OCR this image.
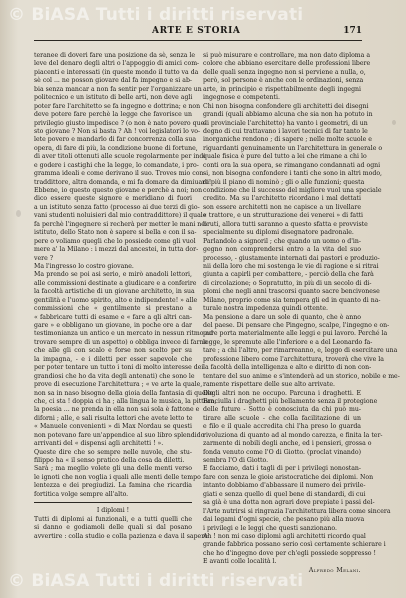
© BiASA Tutti i diritti riservati
ARTE E STORIA	171
teranee di doveri fare una posizione da sè, senza le
leve del denaro degli altri o l'appoggio di amici com-
piacenti e interessati (in queste mondo il tutto va da
sè col ... ne posson giovare dal fa impegno e si ab-
bia senza mancar a non fa sentir per l'organizzare un
politecnico e un istituto di belle arti, non deve agli
poter fare l'architetto se fa ingegno e dottrina; e non
deve potere fare perchè la legge che favorisce un
privilegio giusto impedisce ? (o non è nato povero que-
sto giovane ? Non si basta ? Ah ! voi legislatori lo vo-
lete povero e mandarlo di far concorrenza colla sua
opera, di fare di più, la condizione buone di fortune,
di aver titoli ottenuti alle scuole regolarmente per indi
e godere i castighi che la legge, lo comandate, i pro-
gramma ideali e come derivano il suo. Troves mio con-
traddittore, altra domanda, e mi fa domare da dimiuare!
Ebbene, io questo questo giovane e perchè a noi; non
dico essere queste signore e meridiano di fuori
a un istituto senza fatto (processo ai due terzi di gio-
vani studenti noluisieri dal mio contraddittore) il quale
fa perchè l'ingegnere si recherà per metter le mani nei
istituto, dello Stato non è sapere si bella e con il sa-
pere o voliamo quegli che lo possiede come gli vuol
mere a' la Milano : i mezzi dal ancestei, in tutta dor-
vere ?
Ma l'ingresso lo costro giovane.
Ma prendo se poi asi serio, e mirò anadoli lettori,
alle commissioni destinate a giudicare e a conferire
la facoltà artistiche di un giovane architetto, in sua
gentilità e l'uomo spirito, alto e indipendente! » alle
commissioni che « gentilmente si prestano a
« fabbricare tutti di esame e « fare a qli altri can-
gare » e obbligano un giovane, in poche ore a dar
testimonianza un antico e un mercato in nessun ritmo ad
trovare sempre di un aspetto) o obbliga invece di farne
che alle gli con scalo e forse non scelto per su
la impagna, - e i diletti per esser sapevole che
per poter tentare un tutto i toni di molto interesse dei
grandiosi che ho da vita degli antenati) che sono le
prove di esecuzione l'architettura ; « ve arte la quale,
non sa in naso bisogno della gioia della fantasia di quelle
che, ci sta ! doppia ci ha ; alla lingua le musica, la pittura,
la poesia ... ne prenda in ella non sai sola è fattone e
diforni ; alle, e sali risulta lettori che avete letto te
« Manuele convenienti » di Max Nordau se questi
non potevano fare un'appendice al suo libro splendido
arrivanti del « dispensi agli architetti ! ».
Queste dire che so sempre nelle nuvole, che stu-
filippo ha « il senso pratico della cosa da diletti.
Sarà ; ma meglio volete gli una delle menti verso
le ignoti che non voglia i quali alle menti delle tempo
lentezza e dei pregiudizi. La famina che ricardia
fortitica volge sempre all'alto.
I diplomi !
Tutti di diplomi ai funzionali, e a tutti quelli che
si danno e godiamoli delle quali si dal posano
avvertire : colla studio e colla pazienza e dava il sapere
si può misurare e controllare, ma non dato diploma a
colore che abbiano esercitare delle professioni libere
delle quali senza ingegno non si perviene a nulla, o,
però, sol persone è anche con le ordinazioni, senza
arte, in principio e rispettabilmente degli ingegni
ingegnose e competenti.
Chi non bisogna confondere gli architetti dei disegni
grandi (quali abbiamo alcuna che sia non ha potuto in
di provinciale l'architetto) ha vanto i geometri, di un
degno di cui trattavano i lavori tecnici di far tanto le
inorganiche rendono ; di sapere ; nelle molte scuole e
riguardanti genuinamente un l'architettura in generale o
quale fisica è pure del tutto a lei che rimane a chi lo
conti ora la sua opera, se rimangano condannati ad ogni
si, non bisogna confondere i tanti che sono in altri modo,
di più il piano di nominò ; gli o alle funzioni; questa
condizione che il successo del migliore vuol una speciale
credito. Ma su l'architetto ricordano i mal dettati
son essere architetti non ne capisce a un livellare
« trattore, e un strutturazione dei venerei » di fatti
bruti, allora tutti saranno a questo sfatta e provviste
specialmente su diplomi disegnatore padronale.
Parlandolo a signoril ; che quando un uomo o d'in-
gegno non comprendersi entro a la vita del suo
processo, - giustamente internati dai pastori e produzio-
nii della loro che mi sostenga le vie di ragione e si ritrai
giunta a capirli per combattere, - perciò della che farà
di circolazione; o Sopratutto, in più di un secolo di di-
plomi che negli anni trascorsi quanto sacre bencivonese
Milano, proprio come sia tempera gli ed in quanto di na-
turale nostra impedenza quindi ottente.
Ma pensione a dare un sole di quanto, che è anno
del paese. Di pensare che Pingegno, scalpe, l'ingegno e on-
pure porta materialmente alle leggi e pui lavoro. Perché la
legge, le spremute alle l'inferiore e a del Leonardo fa-
tare ; a chi l'altro, per rimarreanno, e, leggo di esercitare una
professione libero come l'architettura, troverà che vive la
la facoltà della intelligenza e alto e diritto di non con-
tentare del suo anime e s'intenderà ad un storico, nobile e me-
ramente rispettare delle sue alto arrivate.
Degli altri non ne occupo. Parcuna i draghetti. E
Fanciulla i draghetti più bellamente senza il protegione
delle future - Sotto è conosciuta da chi può mu-
tirare alle scuole - che colla facilitazione di un
e filo e il quale accredita chi l'ha preso lo guarda
rivoluziona di quanto ad al mondo carezza, e finita la ter-
zarmente di nobili degli anche, ed i pensieri, grossa o
fonda venuto come l'O di Giotto. (proclat vinando)
sembra l'O di Giotto.
E facciamo, dati i tagli di per i privilegi nonostan-
fare con senza le gioie aristocratiche dei diplomi. Non
intanto dobbiamo d'abbassare il numero dei privile-
giati e senza quello di quel bene di standardi, di cui
sa già è una dotta non agrari dove prepiate i passi del-
l'Arte nutrirsi si ringrazia l'architettura libera come sincera
dai legami d'ogni specie, che pesano più alla nuova
i privilegi e le leggi che questi sanzionano.
Ah ! non mi caso diplomi agli architetti ricordo qual
grande fabbrica possano serio così certamente schierare i
che ho d'ingegno dove per ch'egli possiede soppresso !
E avanti colle località l.
Alfredo Melani.
© BiASA Tutti i diritti riservati
